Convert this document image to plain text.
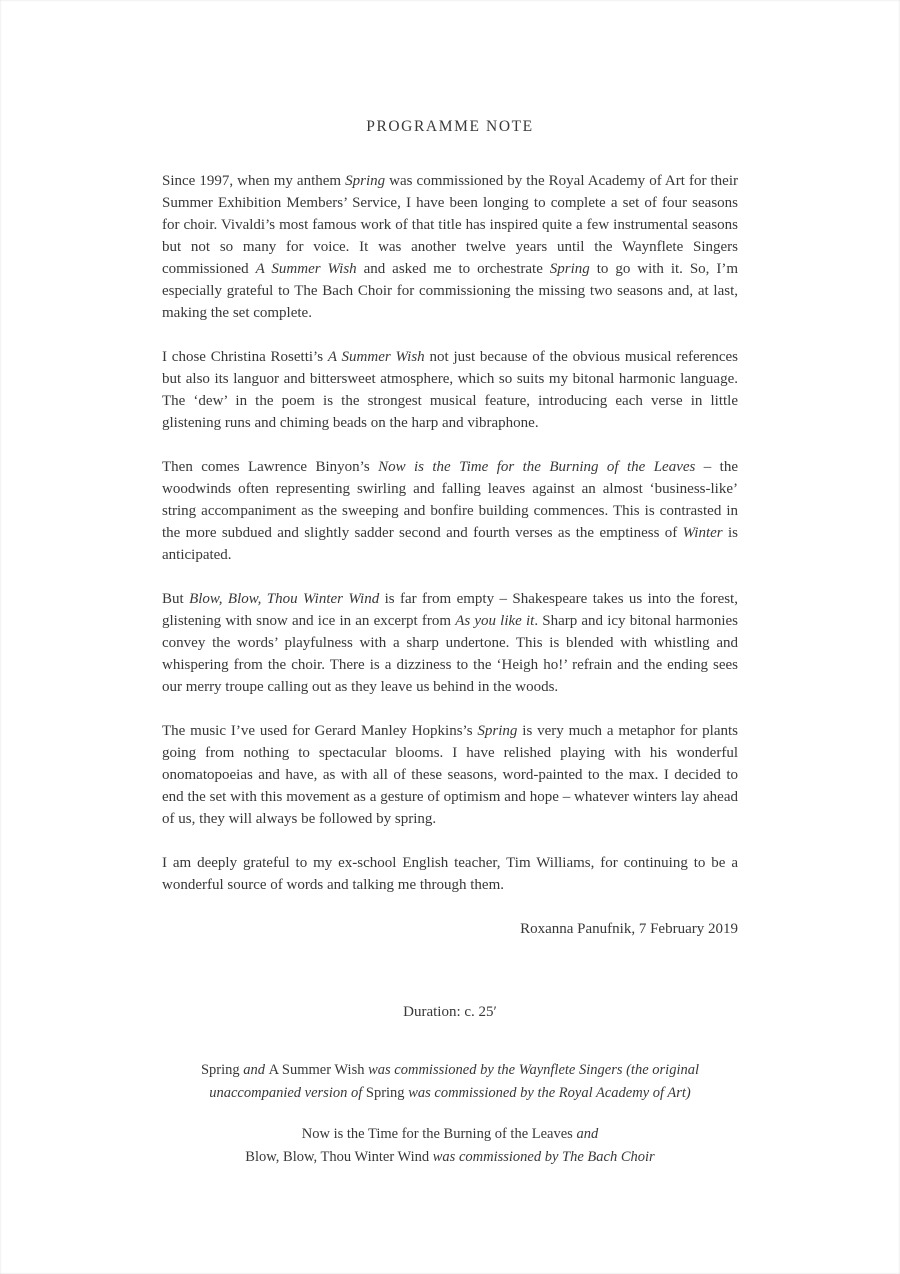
PROGRAMME NOTE

Since 1997, when my anthem Spring was commissioned by the Royal Academy of Art for their Summer Exhibition Members’ Service, I have been longing to complete a set of four seasons for choir. Vivaldi’s most famous work of that title has inspired quite a few instrumental seasons but not so many for voice. It was another twelve years until the Waynflete Singers commissioned A Summer Wish and asked me to orchestrate Spring to go with it. So, I’m especially grateful to The Bach Choir for commissioning the missing two seasons and, at last, making the set complete.

I chose Christina Rosetti’s A Summer Wish not just because of the obvious musical references but also its languor and bittersweet atmosphere, which so suits my bitonal harmonic language. The ‘dew’ in the poem is the strongest musical feature, introducing each verse in little glistening runs and chiming beads on the harp and vibraphone.

Then comes Lawrence Binyon’s Now is the Time for the Burning of the Leaves – the woodwinds often representing swirling and falling leaves against an almost ‘business-like’ string accompaniment as the sweeping and bonfire building commences. This is contrasted in the more subdued and slightly sadder second and fourth verses as the emptiness of Winter is anticipated.

But Blow, Blow, Thou Winter Wind is far from empty – Shakespeare takes us into the forest, glistening with snow and ice in an excerpt from As you like it. Sharp and icy bitonal harmonies convey the words’ playfulness with a sharp undertone. This is blended with whistling and whispering from the choir. There is a dizziness to the ‘Heigh ho!’ refrain and the ending sees our merry troupe calling out as they leave us behind in the woods.

The music I’ve used for Gerard Manley Hopkins’s Spring is very much a metaphor for plants going from nothing to spectacular blooms. I have relished playing with his wonderful onomatopoeias and have, as with all of these seasons, word-painted to the max. I decided to end the set with this movement as a gesture of optimism and hope – whatever winters lay ahead of us, they will always be followed by spring.

I am deeply grateful to my ex-school English teacher, Tim Williams, for continuing to be a wonderful source of words and talking me through them.

Roxanna Panufnik, 7 February 2019

Duration: c. 25′

Spring and A Summer Wish was commissioned by the Waynflete Singers (the original

unaccompanied version of Spring was commissioned by the Royal Academy of Art)

Now is the Time for the Burning of the Leaves and

Blow, Blow, Thou Winter Wind was commissioned by The Bach Choir
